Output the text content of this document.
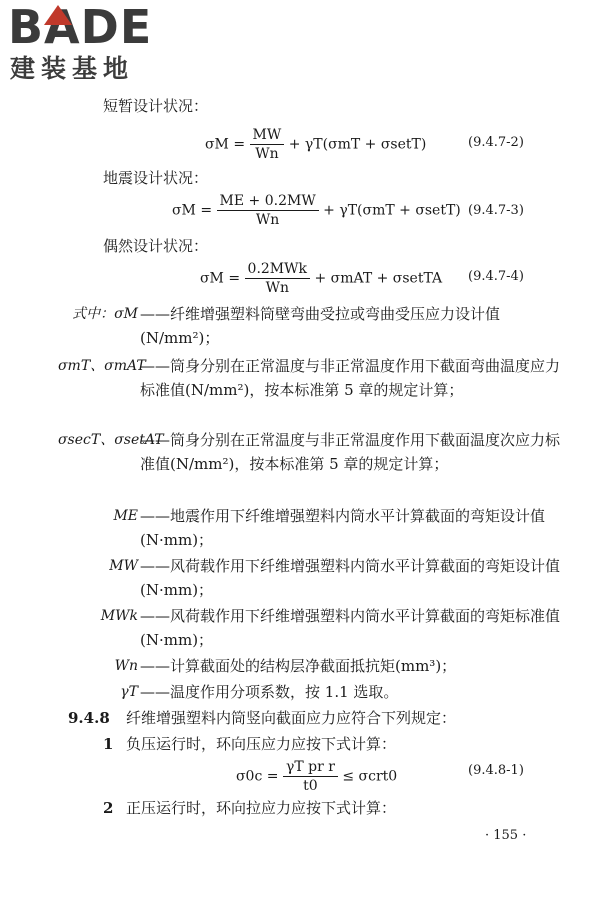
BADE
建装基地
短暂设计状况：
$\sigma M = \frac{MW}{Wn} + \gamma T(\sigma mT$ + σsetT)	(9.4.7-2)
地震设计状况：
$\sigma M = \frac{ME + 0.2MW}{Wn} + \gamma T(\sigma mT$ + σsetT) (9.4.7-3)
偶然设计状况：
$\sigma M = \frac{\text{0.2MWk}}{Wn} + \sigma mAT$ + σsetTA (9.4.7-4)
式中：σM ——纤维增强塑料筒壁弯曲受拉或弯曲受压应力设计值(N/mm²)；
σmT、σmAT
——筒身分别在正常温度与非正常温度作用下截面弯曲温度应力标准值(N/mm²)，按本标准第 5 章的规定计算；
σsecT、σsetAT
——筒身分别在正常温度与非正常温度作用下截面温度次应力标准值(N/mm²)，按本标准第 5 章的规定计算；
ME ——地震作用下纤维增强塑料内筒水平计算截面的弯矩设计值(N·mm)；
MW ——风荷载作用下纤维增强塑料内筒水平计算截面的弯矩设计值(N·mm)；
MWk ——风荷载作用下纤维增强塑料内筒水平计算截面的弯矩标准值(N·mm)；
Wn ——计算截面处的结构层净截面抵抗矩(mm³)；
γT ——温度作用分项系数，按 1.1 选取。
9.4.8 纤维增强塑料内筒竖向截面应力应符合下列规定：
1 负压运行时，环向压应力应按下式计算：
$\sigma 0c = \frac{\text{γT pr r}}{t0} \le \sigma crt0$	(9.4.8-1)
2 正压运行时，环向拉应力应按下式计算：
· 155 ·
